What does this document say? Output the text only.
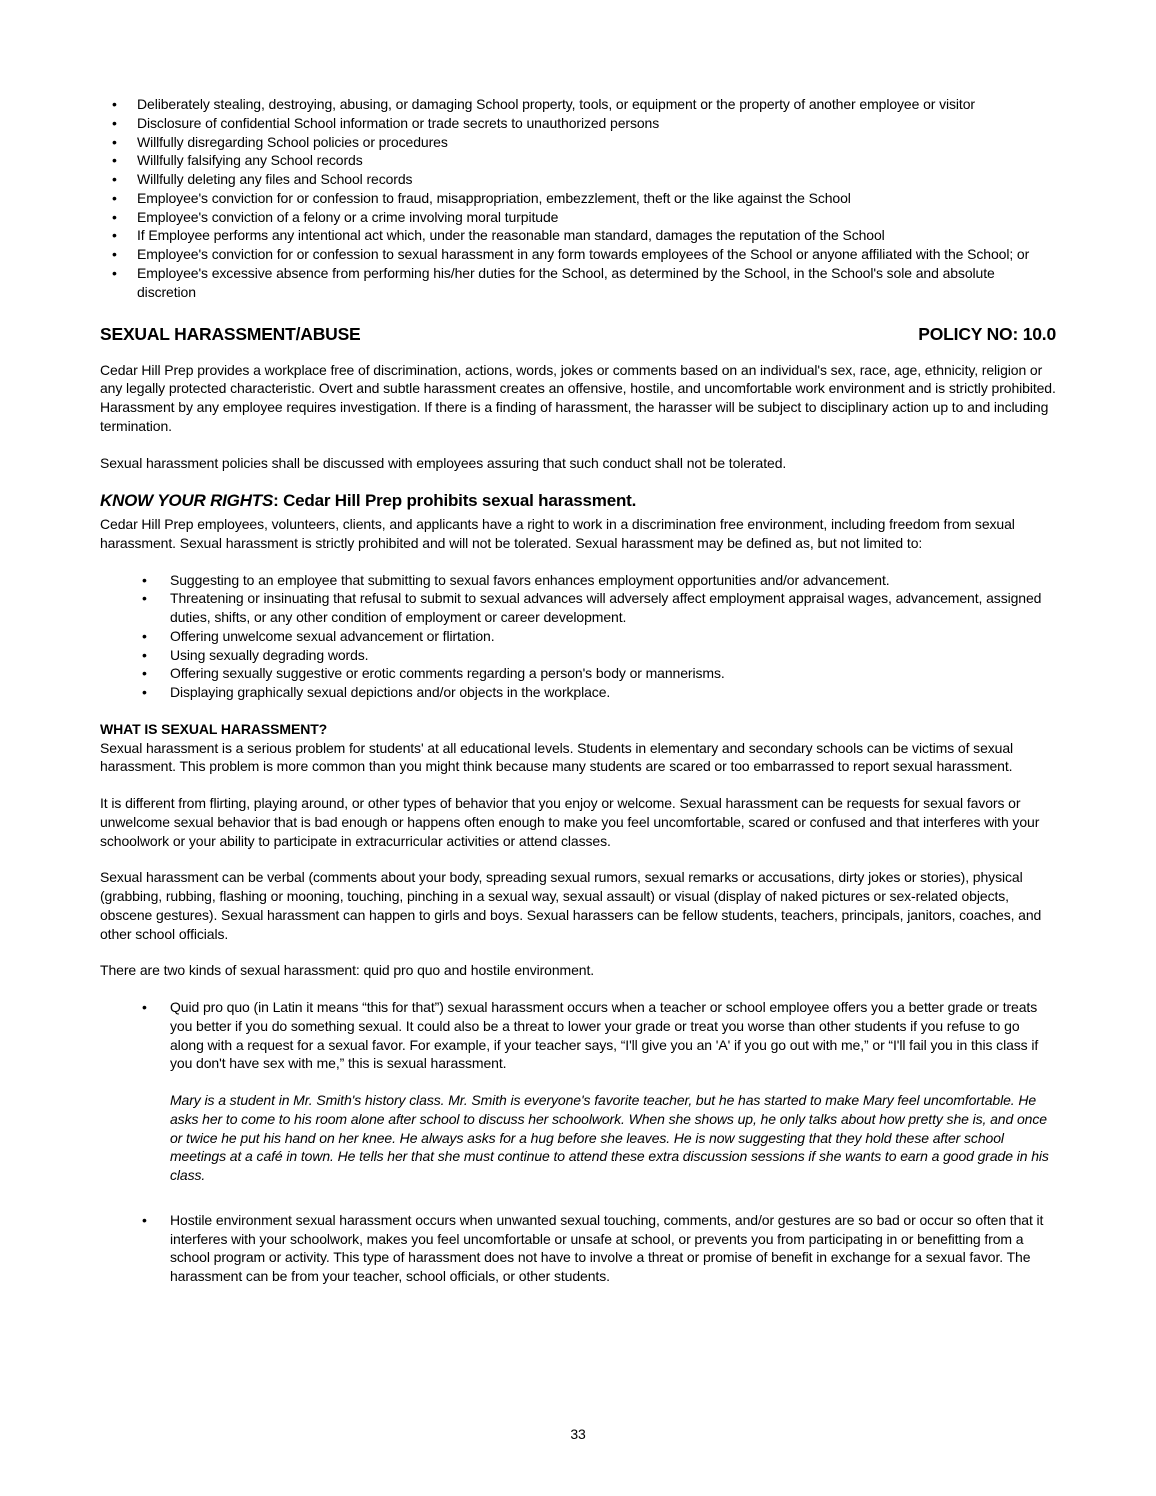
• Deliberately stealing, destroying, abusing, or damaging School property, tools, or equipment or the property of another employee or visitor
• Disclosure of confidential School information or trade secrets to unauthorized persons
• Willfully disregarding School policies or procedures
• Willfully falsifying any School records
• Willfully deleting any files and School records
• Employee's conviction for or confession to fraud, misappropriation, embezzlement, theft or the like against the School
• Employee's conviction of a felony or a crime involving moral turpitude
• If Employee performs any intentional act which, under the reasonable man standard, damages the reputation of the School
• Employee's conviction for or confession to sexual harassment in any form towards employees of the School or anyone affiliated with the School; or
• Employee's excessive absence from performing his/her duties for the School, as determined by the School, in the School's sole and absolute discretion
SEXUAL HARASSMENT/ABUSE	POLICY NO: 10.0

Cedar Hill Prep provides a workplace free of discrimination, actions, words, jokes or comments based on an individual's sex, race, age, ethnicity, religion or any legally protected characteristic. Overt and subtle harassment creates an offensive, hostile, and uncomfortable work environment and is strictly prohibited. Harassment by any employee requires investigation. If there is a finding of harassment, the harasser will be subject to disciplinary action up to and including termination.

Sexual harassment policies shall be discussed with employees assuring that such conduct shall not be tolerated.

KNOW YOUR RIGHTS: Cedar Hill Prep prohibits sexual harassment.

Cedar Hill Prep employees, volunteers, clients, and applicants have a right to work in a discrimination free environment, including freedom from sexual harassment. Sexual harassment is strictly prohibited and will not be tolerated. Sexual harassment may be defined as, but not limited to:

• Suggesting to an employee that submitting to sexual favors enhances employment opportunities and/or advancement.
• Threatening or insinuating that refusal to submit to sexual advances will adversely affect employment appraisal wages, advancement, assigned duties, shifts, or any other condition of employment or career development.
• Offering unwelcome sexual advancement or flirtation.
• Using sexually degrading words.
• Offering sexually suggestive or erotic comments regarding a person's body or mannerisms.
• Displaying graphically sexual depictions and/or objects in the workplace.
WHAT IS SEXUAL HARASSMENT?

Sexual harassment is a serious problem for students' at all educational levels. Students in elementary and secondary schools can be victims of sexual harassment. This problem is more common than you might think because many students are scared or too embarrassed to report sexual harassment.

It is different from flirting, playing around, or other types of behavior that you enjoy or welcome. Sexual harassment can be requests for sexual favors or unwelcome sexual behavior that is bad enough or happens often enough to make you feel uncomfortable, scared or confused and that interferes with your schoolwork or your ability to participate in extracurricular activities or attend classes.

Sexual harassment can be verbal (comments about your body, spreading sexual rumors, sexual remarks or accusations, dirty jokes or stories), physical (grabbing, rubbing, flashing or mooning, touching, pinching in a sexual way, sexual assault) or visual (display of naked pictures or sex-related objects, obscene gestures). Sexual harassment can happen to girls and boys. Sexual harassers can be fellow students, teachers, principals, janitors, coaches, and other school officials.

There are two kinds of sexual harassment: quid pro quo and hostile environment.

• Quid pro quo (in Latin it means “this for that”) sexual harassment occurs when a teacher or school employee offers you a better grade or treats you better if you do something sexual. It could also be a threat to lower your grade or treat you worse than other students if you refuse to go along with a request for a sexual favor. For example, if your teacher says, “I'll give you an 'A' if you go out with me,” or “I'll fail you in this class if you don't have sex with me,” this is sexual harassment.

Mary is a student in Mr. Smith's history class. Mr. Smith is everyone's favorite teacher, but he has started to make Mary feel uncomfortable. He asks her to come to his room alone after school to discuss her schoolwork. When she shows up, he only talks about how pretty she is, and once or twice he put his hand on her knee. He always asks for a hug before she leaves. He is now suggesting that they hold these after school meetings at a café in town. He tells her that she must continue to attend these extra discussion sessions if she wants to earn a good grade in his class.

• Hostile environment sexual harassment occurs when unwanted sexual touching, comments, and/or gestures are so bad or occur so often that it interferes with your schoolwork, makes you feel uncomfortable or unsafe at school, or prevents you from participating in or benefitting from a school program or activity. This type of harassment does not have to involve a threat or promise of benefit in exchange for a sexual favor. The harassment can be from your teacher, school officials, or other students.
33
